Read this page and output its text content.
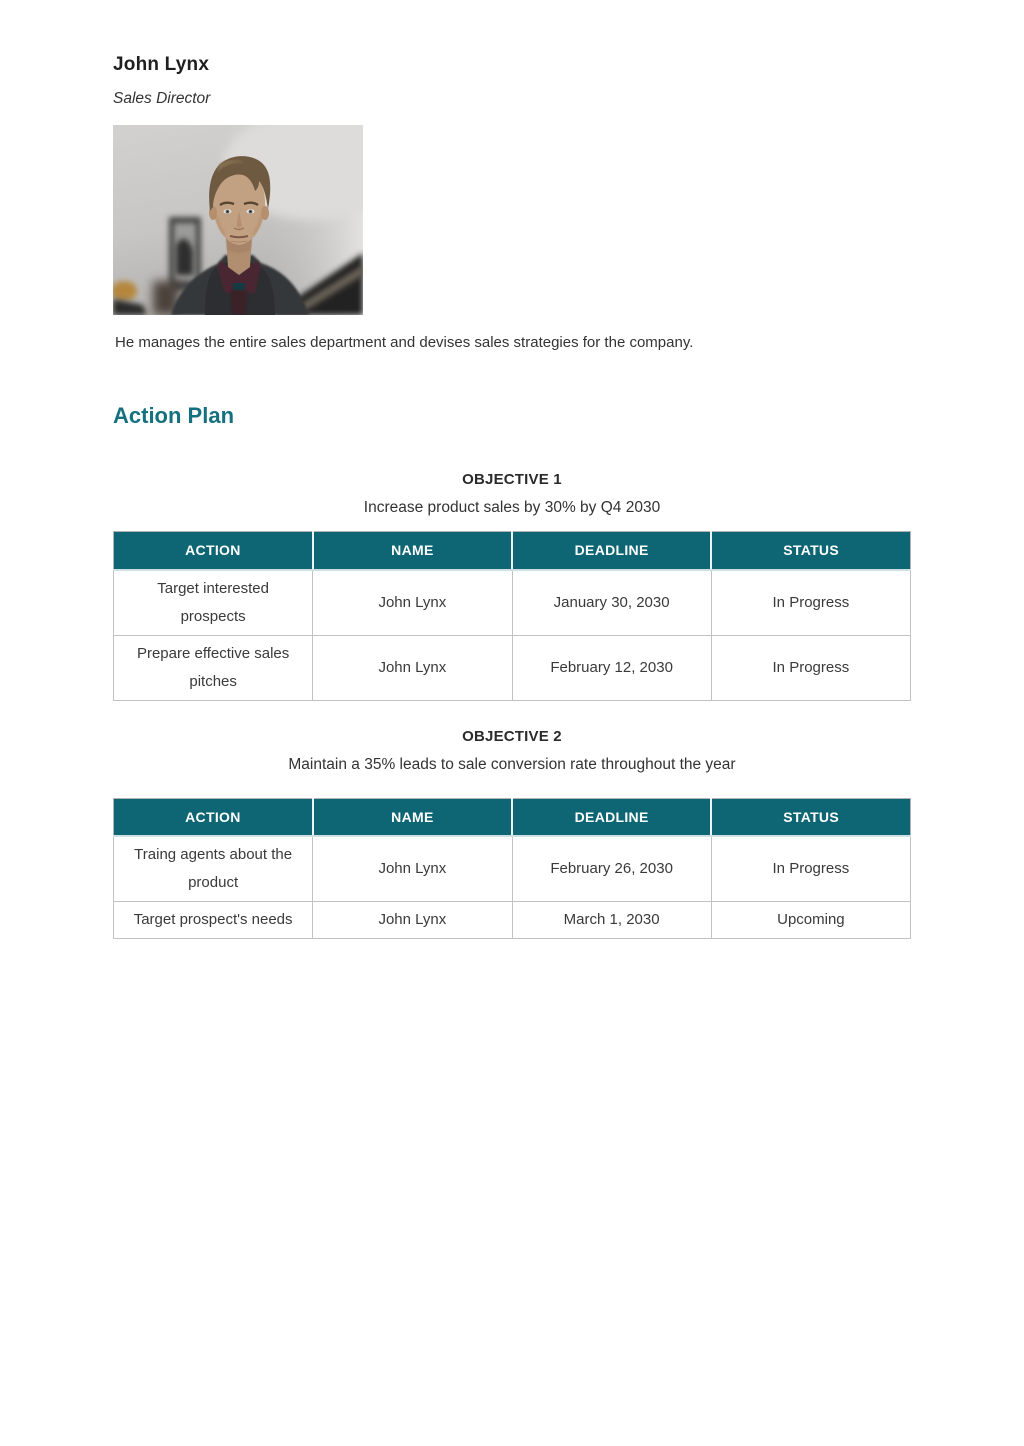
John Lynx
Sales Director

He manages the entire sales department and devises sales strategies for the company.

Action Plan
OBJECTIVE 1
Increase product sales by 30% by Q4 2030
ACTION	NAME	DEADLINE	STATUS
Target interested prospects	John Lynx	January 30, 2030	In Progress
Prepare effective sales pitches	John Lynx	February 12, 2030	In Progress
OBJECTIVE 2
Maintain a 35% leads to sale conversion rate throughout the year
ACTION	NAME	DEADLINE	STATUS
Traing agents about the product	John Lynx	February 26, 2030	In Progress
Target prospect's needs	John Lynx	March 1, 2030	Upcoming
